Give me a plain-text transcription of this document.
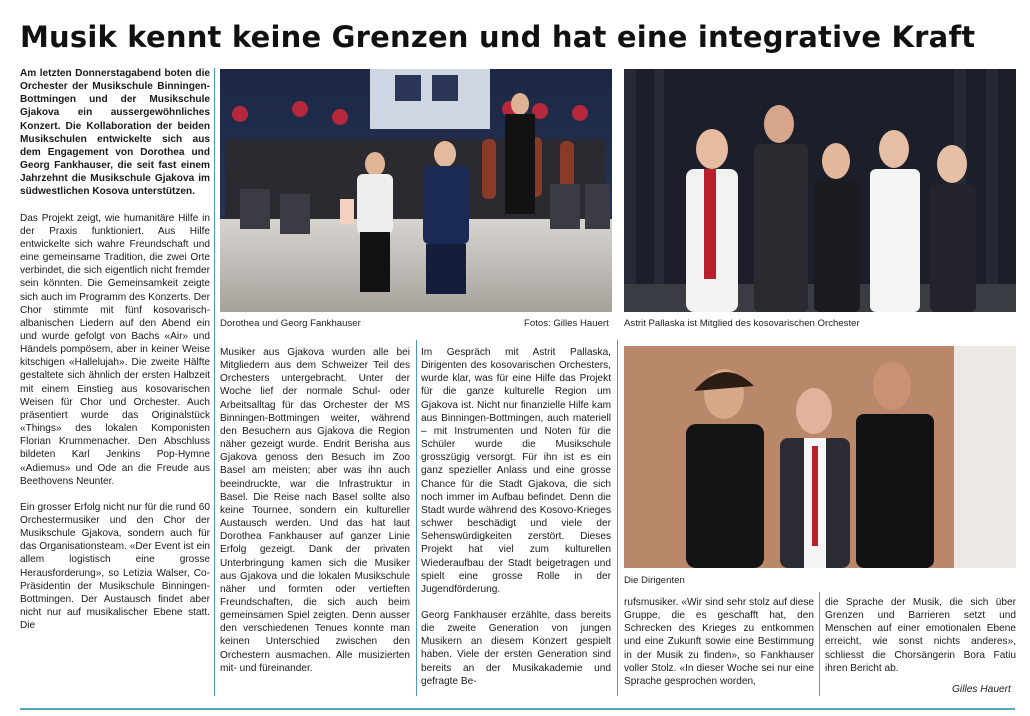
Musik kennt keine Grenzen und hat eine integrative Kraft

Am letzten Donnerstagabend boten die Orchester der Musikschule Binningen-Bottmingen und der Musikschule Gjakova ein aussergewöhnliches Konzert. Die Kollaboration der beiden Musikschulen entwickelte sich aus dem Engagement von Dorothea und Georg Fankhauser, die seit fast einem Jahrzehnt die Musikschule Gjakova im südwestlichen Kosova unterstützen.

Das Projekt zeigt, wie humanitäre Hilfe in der Praxis funktioniert. Aus Hilfe entwickelte sich wahre Freundschaft und eine gemeinsame Tradition, die zwei Orte verbindet, die sich eigentlich nicht fremder sein könnten. Die Gemeinsamkeit zeigte sich auch im Programm des Konzerts. Der Chor stimmte mit fünf kosovarisch-albanischen Liedern auf den Abend ein und wurde gefolgt von Bachs «Air» und Händels pompösem, aber in keiner Weise kitschigen «Hallelujah». Die zweite Hälfte gestaltete sich ähnlich der ersten Halbzeit mit einem Einstieg aus kosovarischen Weisen für Chor und Orchester. Auch präsentiert wurde das Originalstück «Things» des lokalen Komponisten Florian Krummenacher. Den Abschluss bildeten Karl Jenkins Pop-Hymne «Adiemus» und Ode an die Freude aus Beethovens Neunter.

Ein grosser Erfolg nicht nur für die rund 60 Orchestermusiker und den Chor der Musikschule Gjakova, sondern auch für das Organisationsteam. «Der Event ist ein allem logistisch eine grosse Herausforderung», so Letizia Walser, Co-Präsidentin der Musikschule Binningen-Bottmingen. Der Austausch findet aber nicht nur auf musikalischer Ebene statt. Die

Dorothea und Georg Fankhauser	Fotos: Gilles Hauert Astrit Pallaska ist Mitglied des kosovarischen Orchester

Musiker aus Gjakova wurden alle bei Mitgliedern aus dem Schweizer Teil des Orchesters untergebracht. Unter der Woche lief der normale Schul- oder Arbeitsalltag für das Orchester der MS Binningen-Bottmingen weiter, während den Besuchern aus Gjakova die Region näher gezeigt wurde. Endrit Berisha aus Gjakova genoss den Besuch im Zoo Basel am meisten; aber was ihn auch beeindruckte, war die Infrastruktur in Basel. Die Reise nach Basel sollte also keine Tournee, sondern ein kultureller Austausch werden. Und das hat laut Dorothea Fankhauser auf ganzer Linie Erfolg gezeigt. Dank der privaten Unterbringung kamen sich die Musiker aus Gjakova und die lokalen Musikschule näher und formten oder vertieften Freundschaften, die sich auch beim gemeinsamen Spiel zeigten. Denn ausser den verschiedenen Tenues konnte man keinen Unterschied zwischen den Orchestern ausmachen. Alle musizierten mit- und füreinander.

Im Gespräch mit Astrit Pallaska, Dirigenten des kosovarischen Orchesters, wurde klar, was für eine Hilfe das Projekt für die ganze kulturelle Region um Gjakova ist. Nicht nur finanzielle Hilfe kam aus Binningen-Bottmingen, auch materiell – mit Instrumenten und Noten für die Schüler wurde die Musikschule grosszügig versorgt. Für ihn ist es ein ganz spezieller Anlass und eine grosse Chance für die Stadt Gjakova, die sich noch immer im Aufbau befindet. Denn die Stadt wurde während des Kosovo-Krieges schwer beschädigt und viele der Sehenswürdigkeiten zerstört. Dieses Projekt hat viel zum kulturellen Wiederaufbau der Stadt beigetragen und spielt eine grosse Rolle in der Jugendförderung.

Georg Fankhauser erzählte, dass bereits die zweite Generation von jungen Musikern an diesem Konzert gespielt haben. Viele der ersten Generation sind bereits an der Musikakademie und gefragte Be-

Die Dirigenten

rufsmusiker. «Wir sind sehr stolz auf diese Gruppe, die es geschafft hat, den Schrecken des Krieges zu entkommen und eine Zukunft sowie eine Bestimmung in der Musik zu finden», so Fankhauser voller Stolz. «In dieser Woche sei nur eine Sprache gesprochen worden,

die Sprache der Musik, die sich über Grenzen und Barrieren setzt und Menschen auf einer emotionalen Ebene erreicht, wie sonst nichts anderes», schliesst die Chorsängerin Bora Fatiu ihren Bericht ab.

Gilles Hauert
